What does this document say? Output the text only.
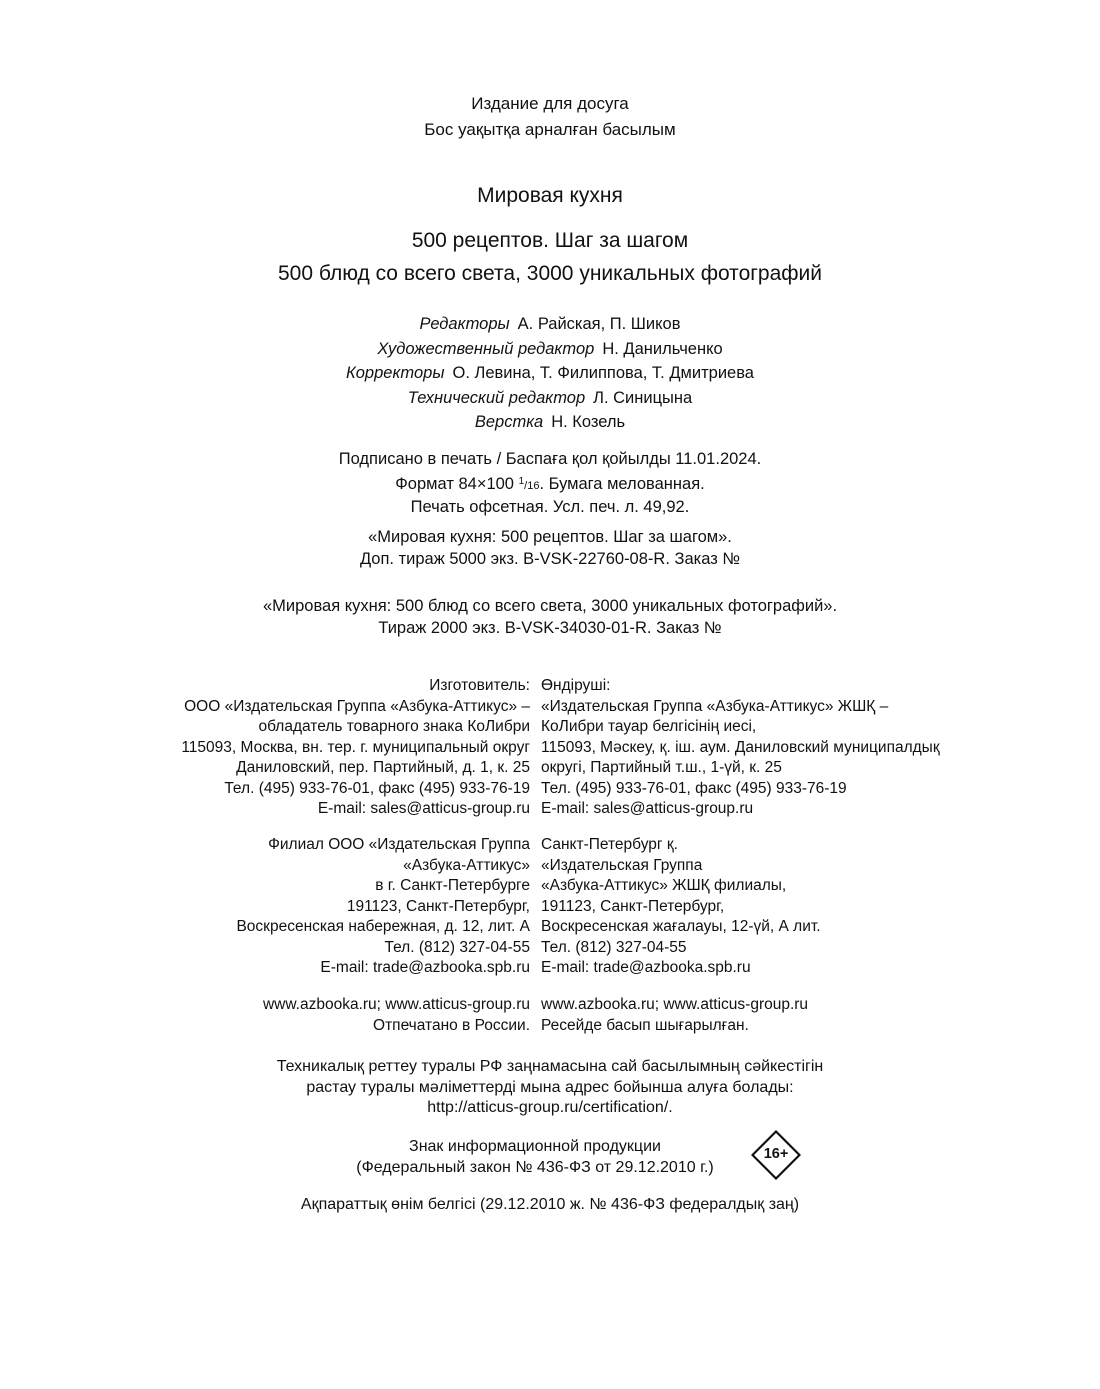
Издание для досуга
Бос уақытқа арналған басылым
Мировая кухня
500 рецептов. Шаг за шагом
500 блюд со всего света, 3000 уникальных фотографий
Редакторы А. Райская, П. Шиков
Художественный редактор Н. Данильченко
Корректоры О. Левина, Т. Филиппова, Т. Дмитриева
Технический редактор Л. Синицына
Верстка Н. Козель
Подписано в печать / Баспаға қол қойылды 11.01.2024.
Формат 84×100 $^1$/16. Бумага мелованная.
Печать офсетная. Усл. печ. л. 49,92.
«Мировая кухня: 500 рецептов. Шаг за шагом».
Доп. тираж 5000 экз. B-VSK-22760-08-R. Заказ №
«Мировая кухня: 500 блюд со всего света, 3000 уникальных фотографий».
Тираж 2000 экз. B-VSK-34030-01-R. Заказ №
Изготовитель:
ООО «Издательская Группа «Азбука-Аттикус» –
обладатель товарного знака КоЛибри
115093, Москва, вн. тер. г. муниципальный округ
Даниловский, пер. Партийный, д. 1, к. 25
Тел. (495) 933-76-01, факс (495) 933-76-19
E-mail: sales@atticus-group.ru
Өндіруші:
«Издательская Группа «Азбука-Аттикус» ЖШҚ –
КоЛибри тауар белгісінің иесі,
115093, Мәскеу, қ. іш. аум. Даниловский муниципалдық
округі, Партийный т.ш., 1-үй, к. 25
Тел. (495) 933-76-01, факс (495) 933-76-19
E-mail: sales@atticus-group.ru
Филиал ООО «Издательская Группа
«Азбука-Аттикус»
в г. Санкт-Петербурге
191123, Санкт-Петербург,
Воскресенская набережная, д. 12, лит. А
Тел. (812) 327-04-55
E-mail: trade@azbooka.spb.ru
Санкт-Петербург қ.
«Издательская Группа
«Азбука-Аттикус» ЖШҚ филиалы,
191123, Санкт-Петербург,
Воскресенская жағалауы, 12-үй, А лит.
Тел. (812) 327-04-55
E-mail: trade@azbooka.spb.ru
www.azbooka.ru; www.atticus-group.ru
Отпечатано в России.
www.azbooka.ru; www.atticus-group.ru
Ресейде басып шығарылған.
Техникалық реттеу туралы РФ заңнамасына сай басылымның сәйкестігін
растау туралы мәліметтерді мына адрес бойынша алуға болады:
http://atticus-group.ru/certification/.
Знак информационной продукции
(Федеральный закон № 436-ФЗ от 29.12.2010 г.)
16+
Ақпараттық өнім белгісі (29.12.2010 ж. № 436-ФЗ федералдық заң)
